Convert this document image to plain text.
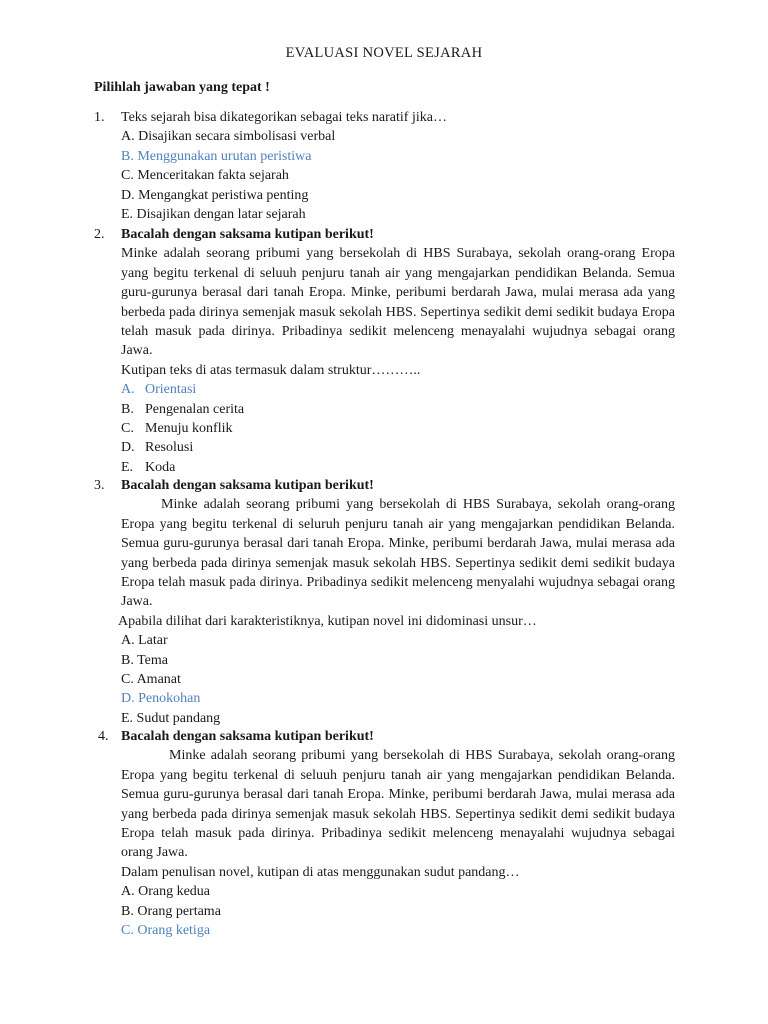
EVALUASI NOVEL SEJARAH
Pilihlah jawaban yang tepat !
1. Teks sejarah bisa dikategorikan sebagai teks naratif jika…
A. Disajikan secara simbolisasi verbal
B. Menggunakan urutan peristiwa
C. Menceritakan fakta sejarah
D. Mengangkat peristiwa penting
E. Disajikan dengan latar sejarah
2. Bacalah dengan saksama kutipan berikut!
Minke adalah seorang pribumi yang bersekolah di HBS Surabaya, sekolah orang-orang Eropa yang begitu terkenal di seluuh penjuru tanah air yang mengajarkan pendidikan Belanda. Semua guru-gurunya berasal dari tanah Eropa. Minke, peribumi berdarah Jawa, mulai merasa ada yang berbeda pada dirinya semenjak masuk sekolah HBS. Sepertinya sedikit demi sedikit budaya Eropa telah masuk pada dirinya. Pribadinya sedikit melenceng menayalahi wujudnya sebagai orang Jawa.
Kutipan teks di atas termasuk dalam struktur………..
A. Orientasi
B. Pengenalan cerita
C. Menuju konflik
D. Resolusi
E. Koda
3. Bacalah dengan saksama kutipan berikut!
Minke adalah seorang pribumi yang bersekolah di HBS Surabaya, sekolah orang-orang Eropa yang begitu terkenal di seluruh penjuru tanah air yang mengajarkan pendidikan Belanda. Semua guru-gurunya berasal dari tanah Eropa. Minke, peribumi berdarah Jawa, mulai merasa ada yang berbeda pada dirinya semenjak masuk sekolah HBS. Sepertinya sedikit demi sedikit budaya Eropa telah masuk pada dirinya. Pribadinya sedikit melenceng menyalahi wujudnya sebagai orang Jawa.
Apabila dilihat dari karakteristiknya, kutipan novel ini didominasi unsur…
A. Latar
B. Tema
C. Amanat
D. Penokohan
E. Sudut pandang
4. Bacalah dengan saksama kutipan berikut!
Minke adalah seorang pribumi yang bersekolah di HBS Surabaya, sekolah orang-orang Eropa yang begitu terkenal di seluuh penjuru tanah air yang mengajarkan pendidikan Belanda. Semua guru-gurunya berasal dari tanah Eropa. Minke, peribumi berdarah Jawa, mulai merasa ada yang berbeda pada dirinya semenjak masuk sekolah HBS. Sepertinya sedikit demi sedikit budaya Eropa telah masuk pada dirinya. Pribadinya sedikit melenceng menayalahi wujudnya sebagai orang Jawa.
Dalam penulisan novel, kutipan di atas menggunakan sudut pandang…
A. Orang kedua
B. Orang pertama
C. Orang ketiga
